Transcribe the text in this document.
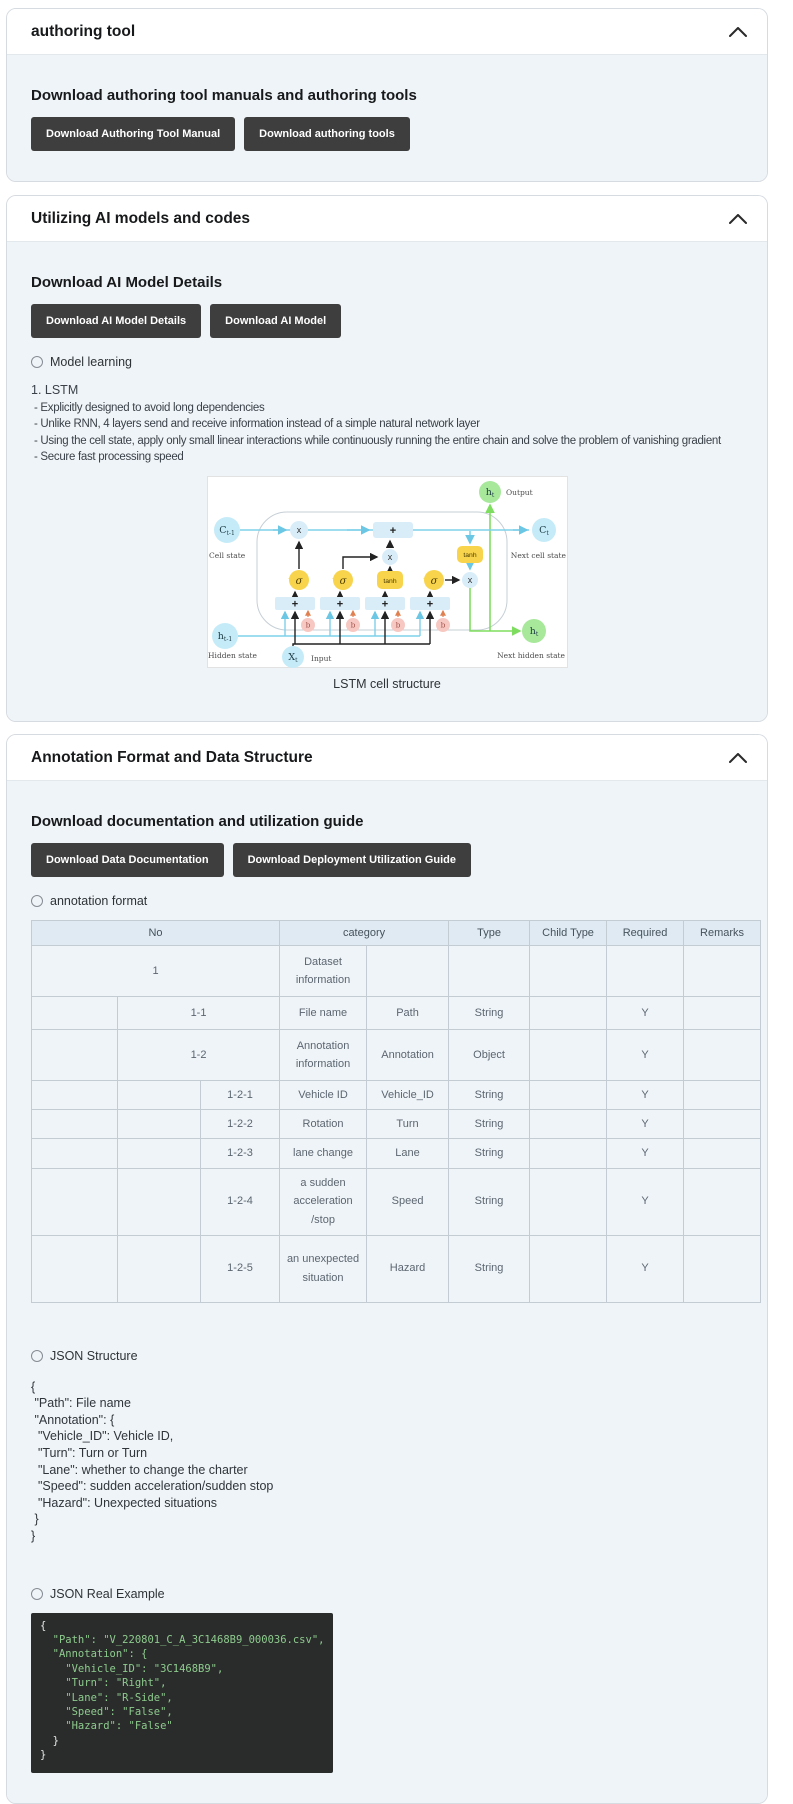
authoring tool
Download authoring tool manuals and authoring tools
Download Authoring Tool Manual	Download authoring tools
Utilizing AI models and codes
Download AI Model Details
Download AI Model Details	Download AI Model
Model learning
1. LSTM
- Explicitly designed to avoid long dependencies
- Unlike RNN, 4 layers send and receive information instead of a simple natural network layer
- Using the cell state, apply only small linear interactions while continuously running the entire chain and solve the problem of vanishing gradient
- Secure fast processing speed
x	+
x
x
tanh
σ	σ	tanh	σ
+	+	+	+
b	b	b	b
$C_{t-1}$	$C_t$
$h_{t-1}$
$h_t$
$h_t$
$X_t$
Cell state
Hidden state	Input
Output
Next cell state
Next hidden state
LSTM cell structure
Annotation Format and Data Structure
Download documentation and utilization guide
Download Data Documentation	Download Deployment Utilization Guide
annotation format
No			category		Type	Child Type	Required	Remarks
1			Dataset information					
	1-1		File name	Path	String		Y	
	1-2		Annotation information	Annotation	Object		Y	
		1-2-1	Vehicle ID	Vehicle_ID	String		Y	
		1-2-2	Rotation	Turn	String		Y	
		1-2-3	lane change	Lane	String		Y	
		1-2-4	a sudden acceleration /stop	Speed	String		Y	
		1-2-5	an unexpected situation	Hazard	String		Y	
JSON Structure
{
"Path": File name
"Annotation": {
"Vehicle_ID": Vehicle ID,
"Turn": Turn or Turn
"Lane": whether to change the charter
"Speed": sudden acceleration/sudden stop
"Hazard": Unexpected situations
}
}
JSON Real Example
{
"Path": "V_220801_C_A_3C1468B9_000036.csv",
"Annotation": {
"Vehicle_ID": "3C1468B9",
"Turn": "Right",
"Lane": "R-Side",
"Speed": "False",
"Hazard": "False"
}
}
